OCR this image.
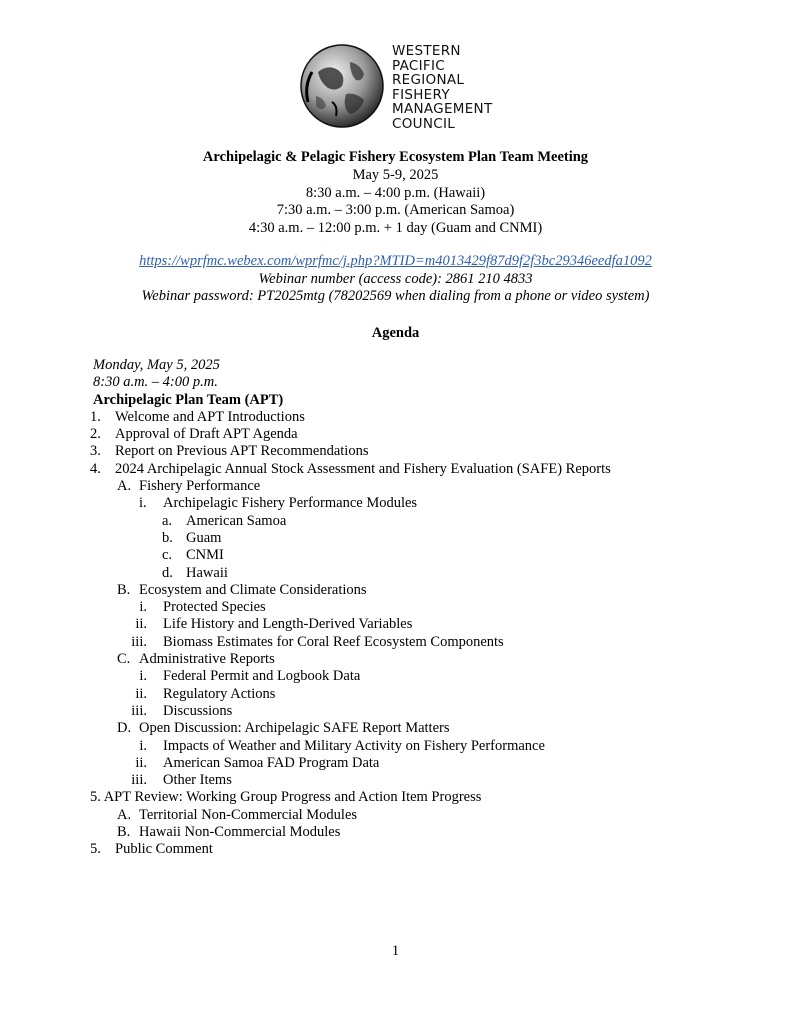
WESTERN
PACIFIC
REGIONAL
FISHERY
MANAGEMENT
COUNCIL
Archipelagic & Pelagic Fishery Ecosystem Plan Team Meeting
May 5-9, 2025
8:30 a.m. – 4:00 p.m. (Hawaii)
7:30 a.m. – 3:00 p.m. (American Samoa)
4:30 a.m. – 12:00 p.m. + 1 day (Guam and CNMI)
https://wprfmc.webex.com/wprfmc/j.php?MTID=m4013429f87d9f2f3bc29346eedfa1092
Webinar number (access code): 2861 210 4833
Webinar password: PT2025mtg (78202569 when dialing from a phone or video system)
Agenda
Monday, May 5, 2025
8:30 a.m. – 4:00 p.m.
Archipelagic Plan Team (APT)
1. Welcome and APT Introductions
2. Approval of Draft APT Agenda
3. Report on Previous APT Recommendations
4. 2024 Archipelagic Annual Stock Assessment and Fishery Evaluation (SAFE) Reports
A. Fishery Performance
i. Archipelagic Fishery Performance Modules
a. American Samoa
b. Guam
c. CNMI
d. Hawaii
B. Ecosystem and Climate Considerations
i. Protected Species
ii. Life History and Length-Derived Variables
iii. Biomass Estimates for Coral Reef Ecosystem Components
C. Administrative Reports
i. Federal Permit and Logbook Data
ii. Regulatory Actions
iii. Discussions
D. Open Discussion: Archipelagic SAFE Report Matters
i. Impacts of Weather and Military Activity on Fishery Performance
ii. American Samoa FAD Program Data
iii. Other Items
5. APT Review: Working Group Progress and Action Item Progress
A. Territorial Non-Commercial Modules
B. Hawaii Non-Commercial Modules
5. Public Comment
1
